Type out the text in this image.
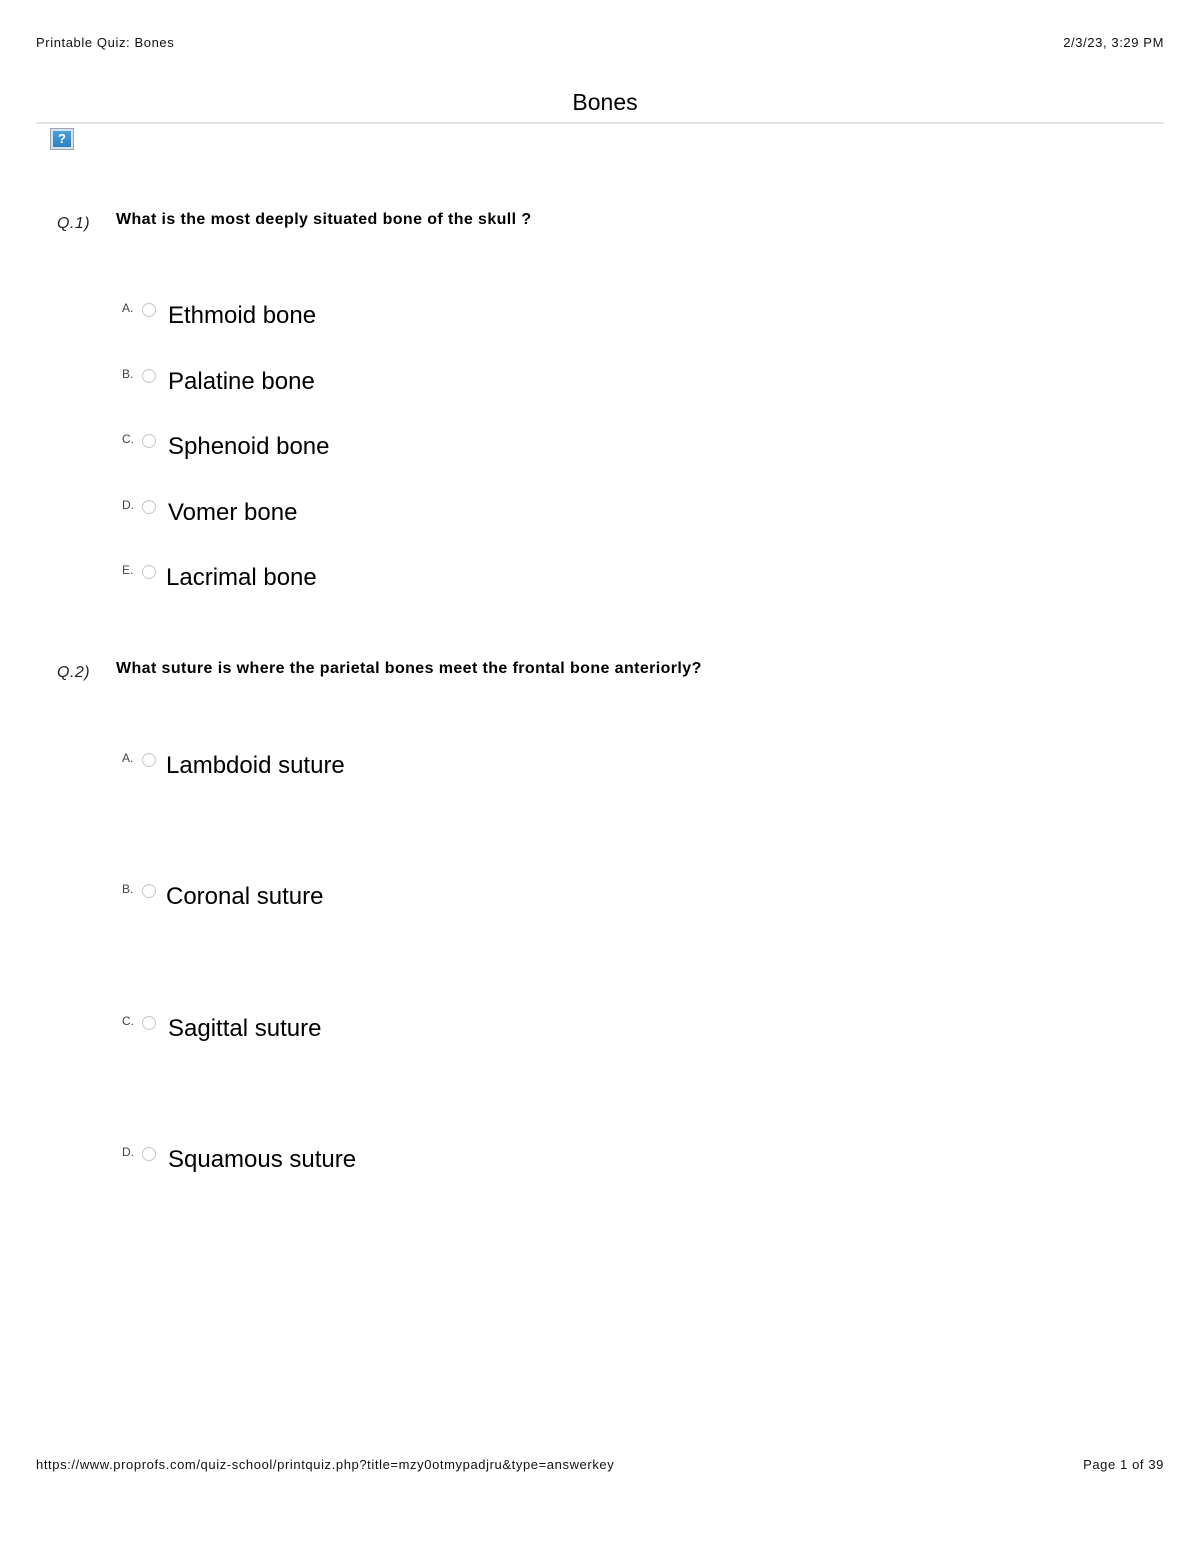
Printable Quiz: Bones	2/3/23, 3:29 PM
Bones
?
Q.1) What is the most deeply situated bone of the skull ?
A. Ethmoid bone
B. Palatine bone
C. Sphenoid bone
D. Vomer bone
E. Lacrimal bone
Q.2) What suture is where the parietal bones meet the frontal bone anteriorly?
A. Lambdoid suture
B. Coronal suture
C. Sagittal suture
D. Squamous suture
https://www.proprofs.com/quiz-school/printquiz.php?title=mzy0otmypadjru&type=answerkey	Page 1 of 39
